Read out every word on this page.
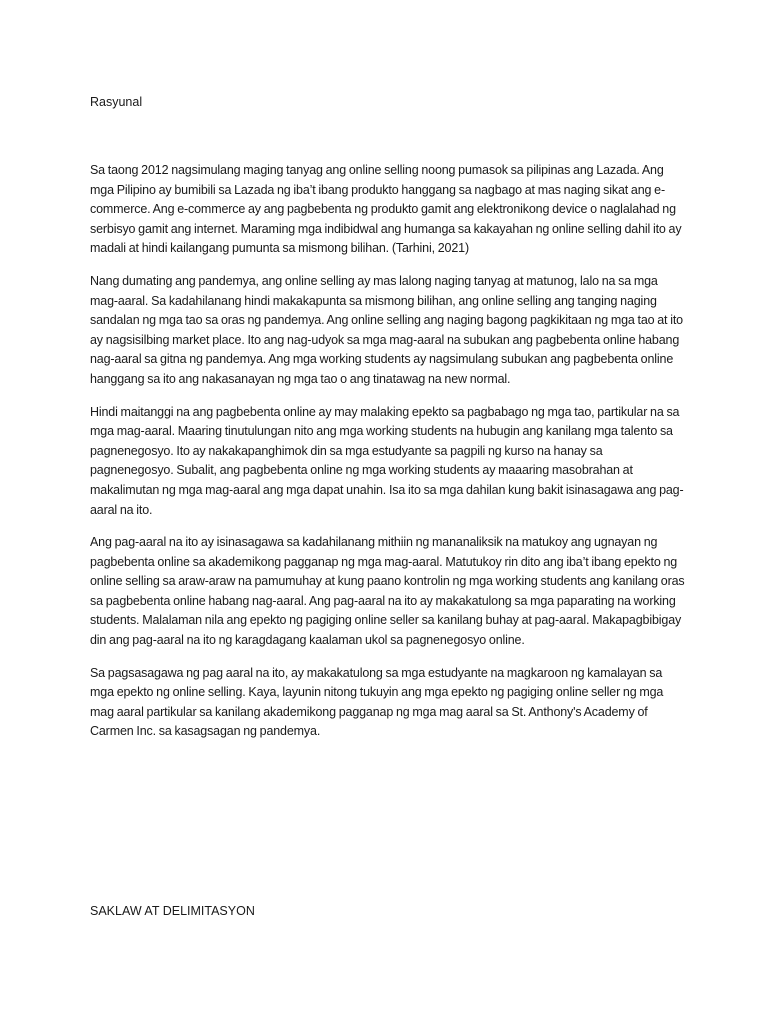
Rasyunal

Sa taong 2012 nagsimulang maging tanyag ang online selling noong pumasok sa pilipinas ang Lazada. Ang mga Pilipino ay bumibili sa Lazada ng iba’t ibang produkto hanggang sa nagbago at mas naging sikat ang e-commerce. Ang e-commerce ay ang pagbebenta ng produkto gamit ang elektronikong device o naglalahad ng serbisyo gamit ang internet. Maraming mga indibidwal ang humanga sa kakayahan ng online selling dahil ito ay madali at hindi kailangang pumunta sa mismong bilihan. (Tarhini, 2021)

Nang dumating ang pandemya, ang online selling ay mas lalong naging tanyag at matunog, lalo na sa mga mag-aaral. Sa kadahilanang hindi makakapunta sa mismong bilihan, ang online selling ang tanging naging sandalan ng mga tao sa oras ng pandemya. Ang online selling ang naging bagong pagkikitaan ng mga tao at ito ay nagsisilbing market place. Ito ang nag-udyok sa mga mag-aaral na subukan ang pagbebenta online habang nag-aaral sa gitna ng pandemya. Ang mga working students ay nagsimulang subukan ang pagbebenta online hanggang sa ito ang nakasanayan ng mga tao o ang tinatawag na new normal.

Hindi maitanggi na ang pagbebenta online ay may malaking epekto sa pagbabago ng mga tao, partikular na sa mga mag-aaral. Maaring tinutulungan nito ang mga working students na hubugin ang kanilang mga talento sa pagnenegosyo. Ito ay nakakapanghimok din sa mga estudyante sa pagpili ng kurso na hanay sa pagnenegosyo. Subalit, ang pagbebenta online ng mga working students ay maaaring masobrahan at makalimutan ng mga mag-aaral ang mga dapat unahin. Isa ito sa mga dahilan kung bakit isinasagawa ang pag-aaral na ito.

Ang pag-aaral na ito ay isinasagawa sa kadahilanang mithiin ng mananaliksik na matukoy ang ugnayan ng pagbebenta online sa akademikong pagganap ng mga mag-aaral. Matutukoy rin dito ang iba’t ibang epekto ng online selling sa araw-araw na pamumuhay at kung paano kontrolin ng mga working students ang kanilang oras sa pagbebenta online habang nag-aaral. Ang pag-aaral na ito ay makakatulong sa mga paparating na working students. Malalaman nila ang epekto ng pagiging online seller sa kanilang buhay at pag-aaral. Makapagbibigay din ang pag-aaral na ito ng karagdagang kaalaman ukol sa pagnenegosyo online.

Sa pagsasagawa ng pag aaral na ito, ay makakatulong sa mga estudyante na magkaroon ng kamalayan sa mga epekto ng online selling. Kaya, layunin nitong tukuyin ang mga epekto ng pagiging online seller ng mga mag aaral partikular sa kanilang akademikong pagganap ng mga mag aaral sa St. Anthony's Academy of Carmen Inc. sa kasagsagan ng pandemya.

SAKLAW AT DELIMITASYON
